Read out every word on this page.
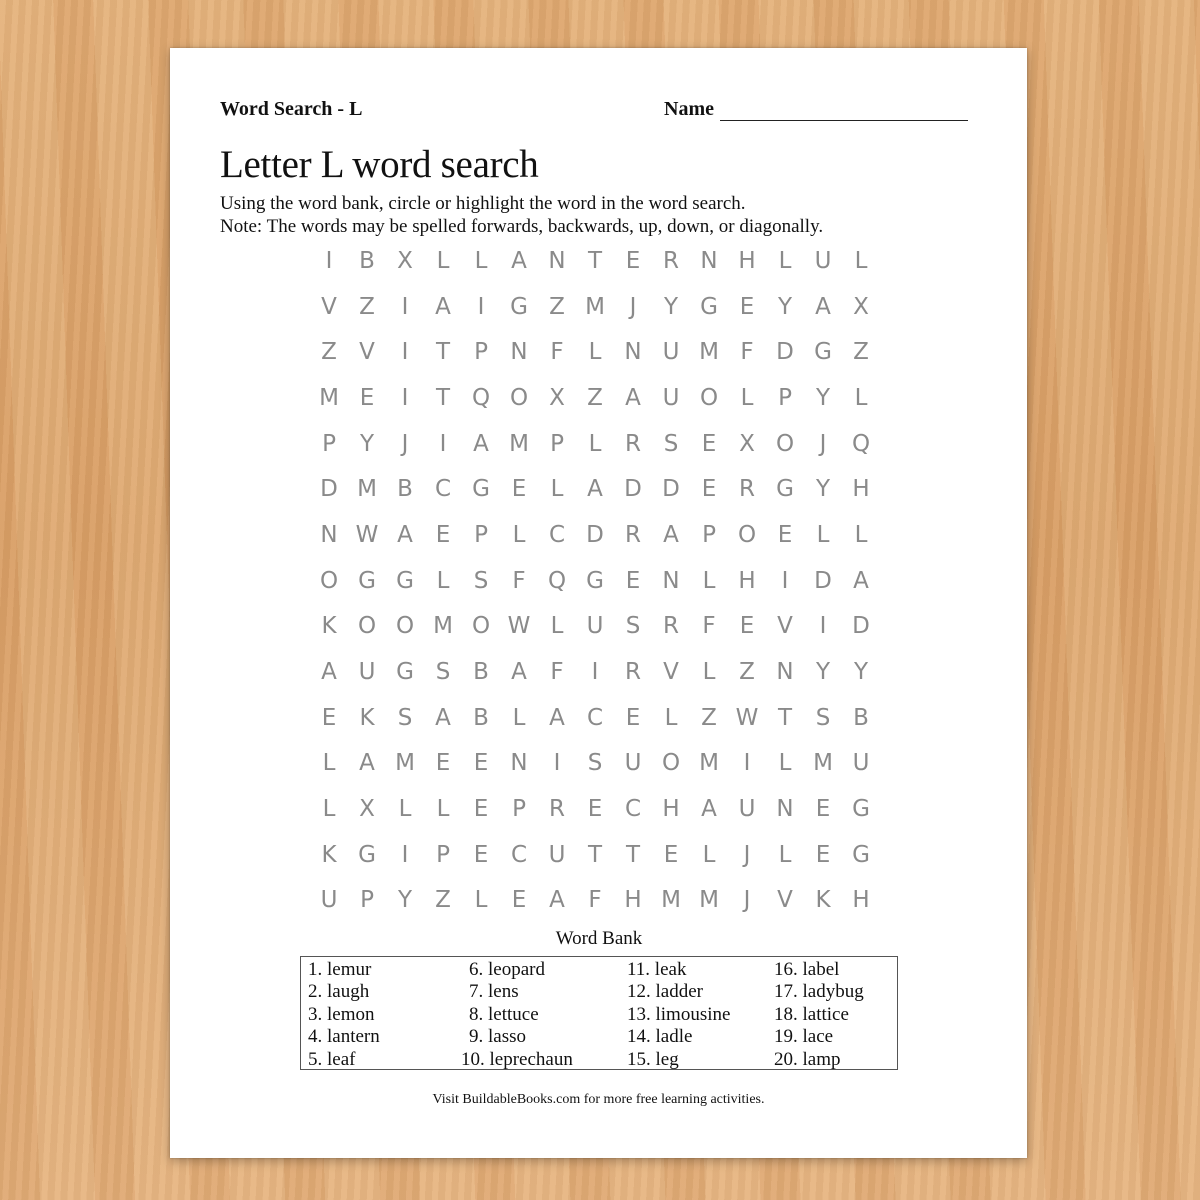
Word Search - L	Name
Letter L word search
Using the word bank, circle or highlight the word in the word search.
Note: The words may be spelled forwards, backwards, up, down, or diagonally.
I	B X	L	L	A N T	E R N H L	U	L
V Z	I	A	I	G Z M	J	Y G E	Y	A X
Z V	I	T	P N F	L N U M F D G Z
M E	I	T Q O X Z A U O L	P	Y	L
P	Y	J	I	A M P	L	R S	E X O	J	Q
D M B C G E	L	A D D E R G Y H
N W A E	P	L	C D R A	P O E	L	L
O G G L	S	F Q G E N L H	I	D A
K O O M O W L	U S R	F	E V	I	D
A U G S B A	F	I	R V	L	Z N Y	Y
E	K	S A B	L	A C E	L	Z W T	S B
L	A M E	E N	I	S U O M	I	L M U
L	X	L	L	E	P	R E C H A U N E G
K G	I	P	E C U T	T	E	L	J	L	E G
U P	Y	Z	L	E A	F H M M	J	V K H
Word Bank
1. lemur
2. laugh
3. lemon
4. lantern
5. leaf
6. leopard
7. lens
8. lettuce
9. lasso
10. leprechaun
11. leak
12. ladder
13. limousine
14. ladle
15. leg
16. label
17. ladybug
18. lattice
19. lace
20. lamp
Visit BuildableBooks.com for more free learning activities.
